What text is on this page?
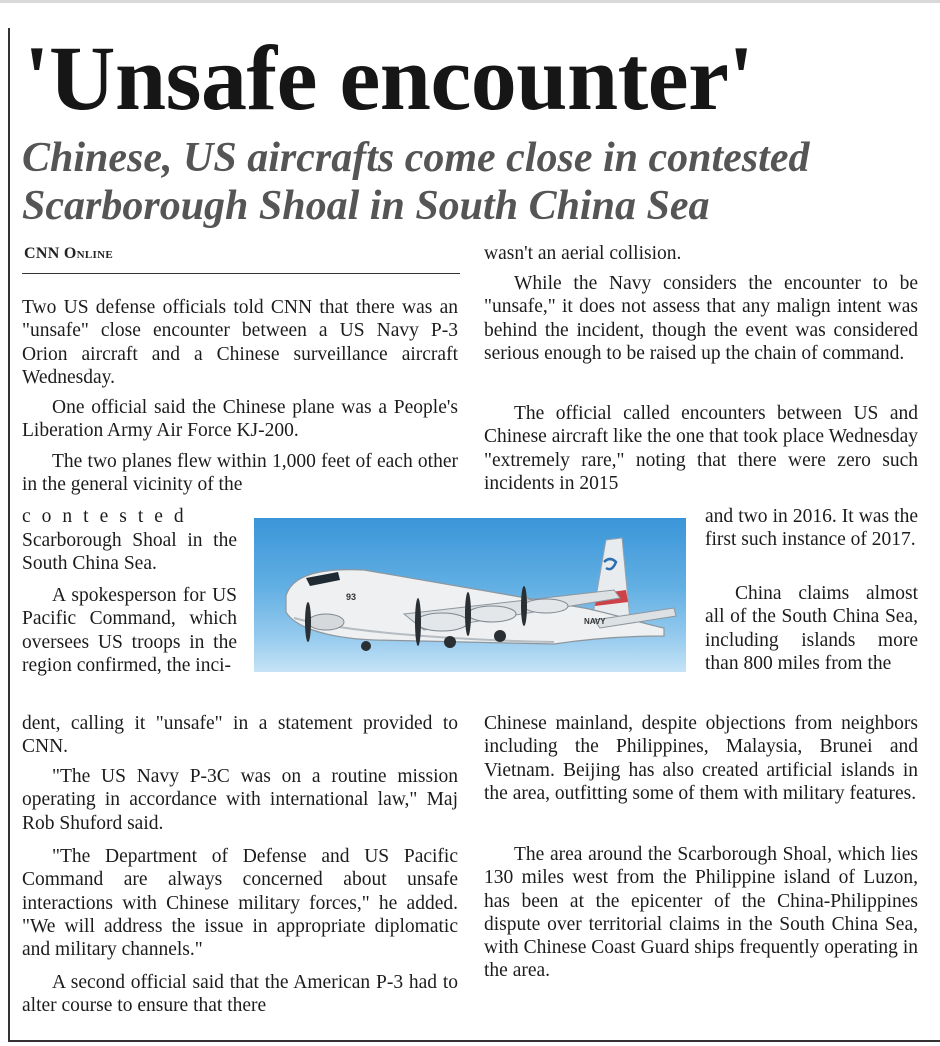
'Unsafe encounter'
Chinese, US aircrafts come close in contested Scarborough Shoal in South China Sea
CNN Online

Two US defense officials told CNN that there was an "unsafe" close encounter between a US Navy P-3 Orion aircraft and a Chinese surveillance aircraft Wednesday.

One official said the Chinese plane was a People's Liberation Army Air Force KJ-200.

The two planes flew within 1,000 feet of each other in the general vicinity of the

contested

Scarborough Shoal in the South China Sea.

A spokesperson for US Pacific Command, which oversees US troops in the region confirmed, the inci-

dent, calling it "unsafe" in a statement provided to CNN.

"The US Navy P-3C was on a routine mission operating in accordance with international law," Maj Rob Shuford said.

"The Department of Defense and US Pacific Command are always concerned about unsafe interactions with Chinese military forces," he added. "We will address the issue in appropriate diplomatic and military channels."

A second official said that the American P-3 had to alter course to ensure that there

93
NAVY

wasn't an aerial collision.

While the Navy considers the encounter to be "unsafe," it does not assess that any malign intent was behind the incident, though the event was considered serious enough to be raised up the chain of command.

The official called encounters between US and Chinese aircraft like the one that took place Wednesday "extremely rare," noting that there were zero such incidents in 2015

and two in 2016. It was the first such instance of 2017.

China claims almost all of the South China Sea, including islands more than 800 miles from the

Chinese mainland, despite objections from neighbors including the Philippines, Malaysia, Brunei and Vietnam. Beijing has also created artificial islands in the area, outfitting some of them with military features.

The area around the Scarborough Shoal, which lies 130 miles west from the Philippine island of Luzon, has been at the epicenter of the China-Philippines dispute over territorial claims in the South China Sea, with Chinese Coast Guard ships frequently operating in the area.
